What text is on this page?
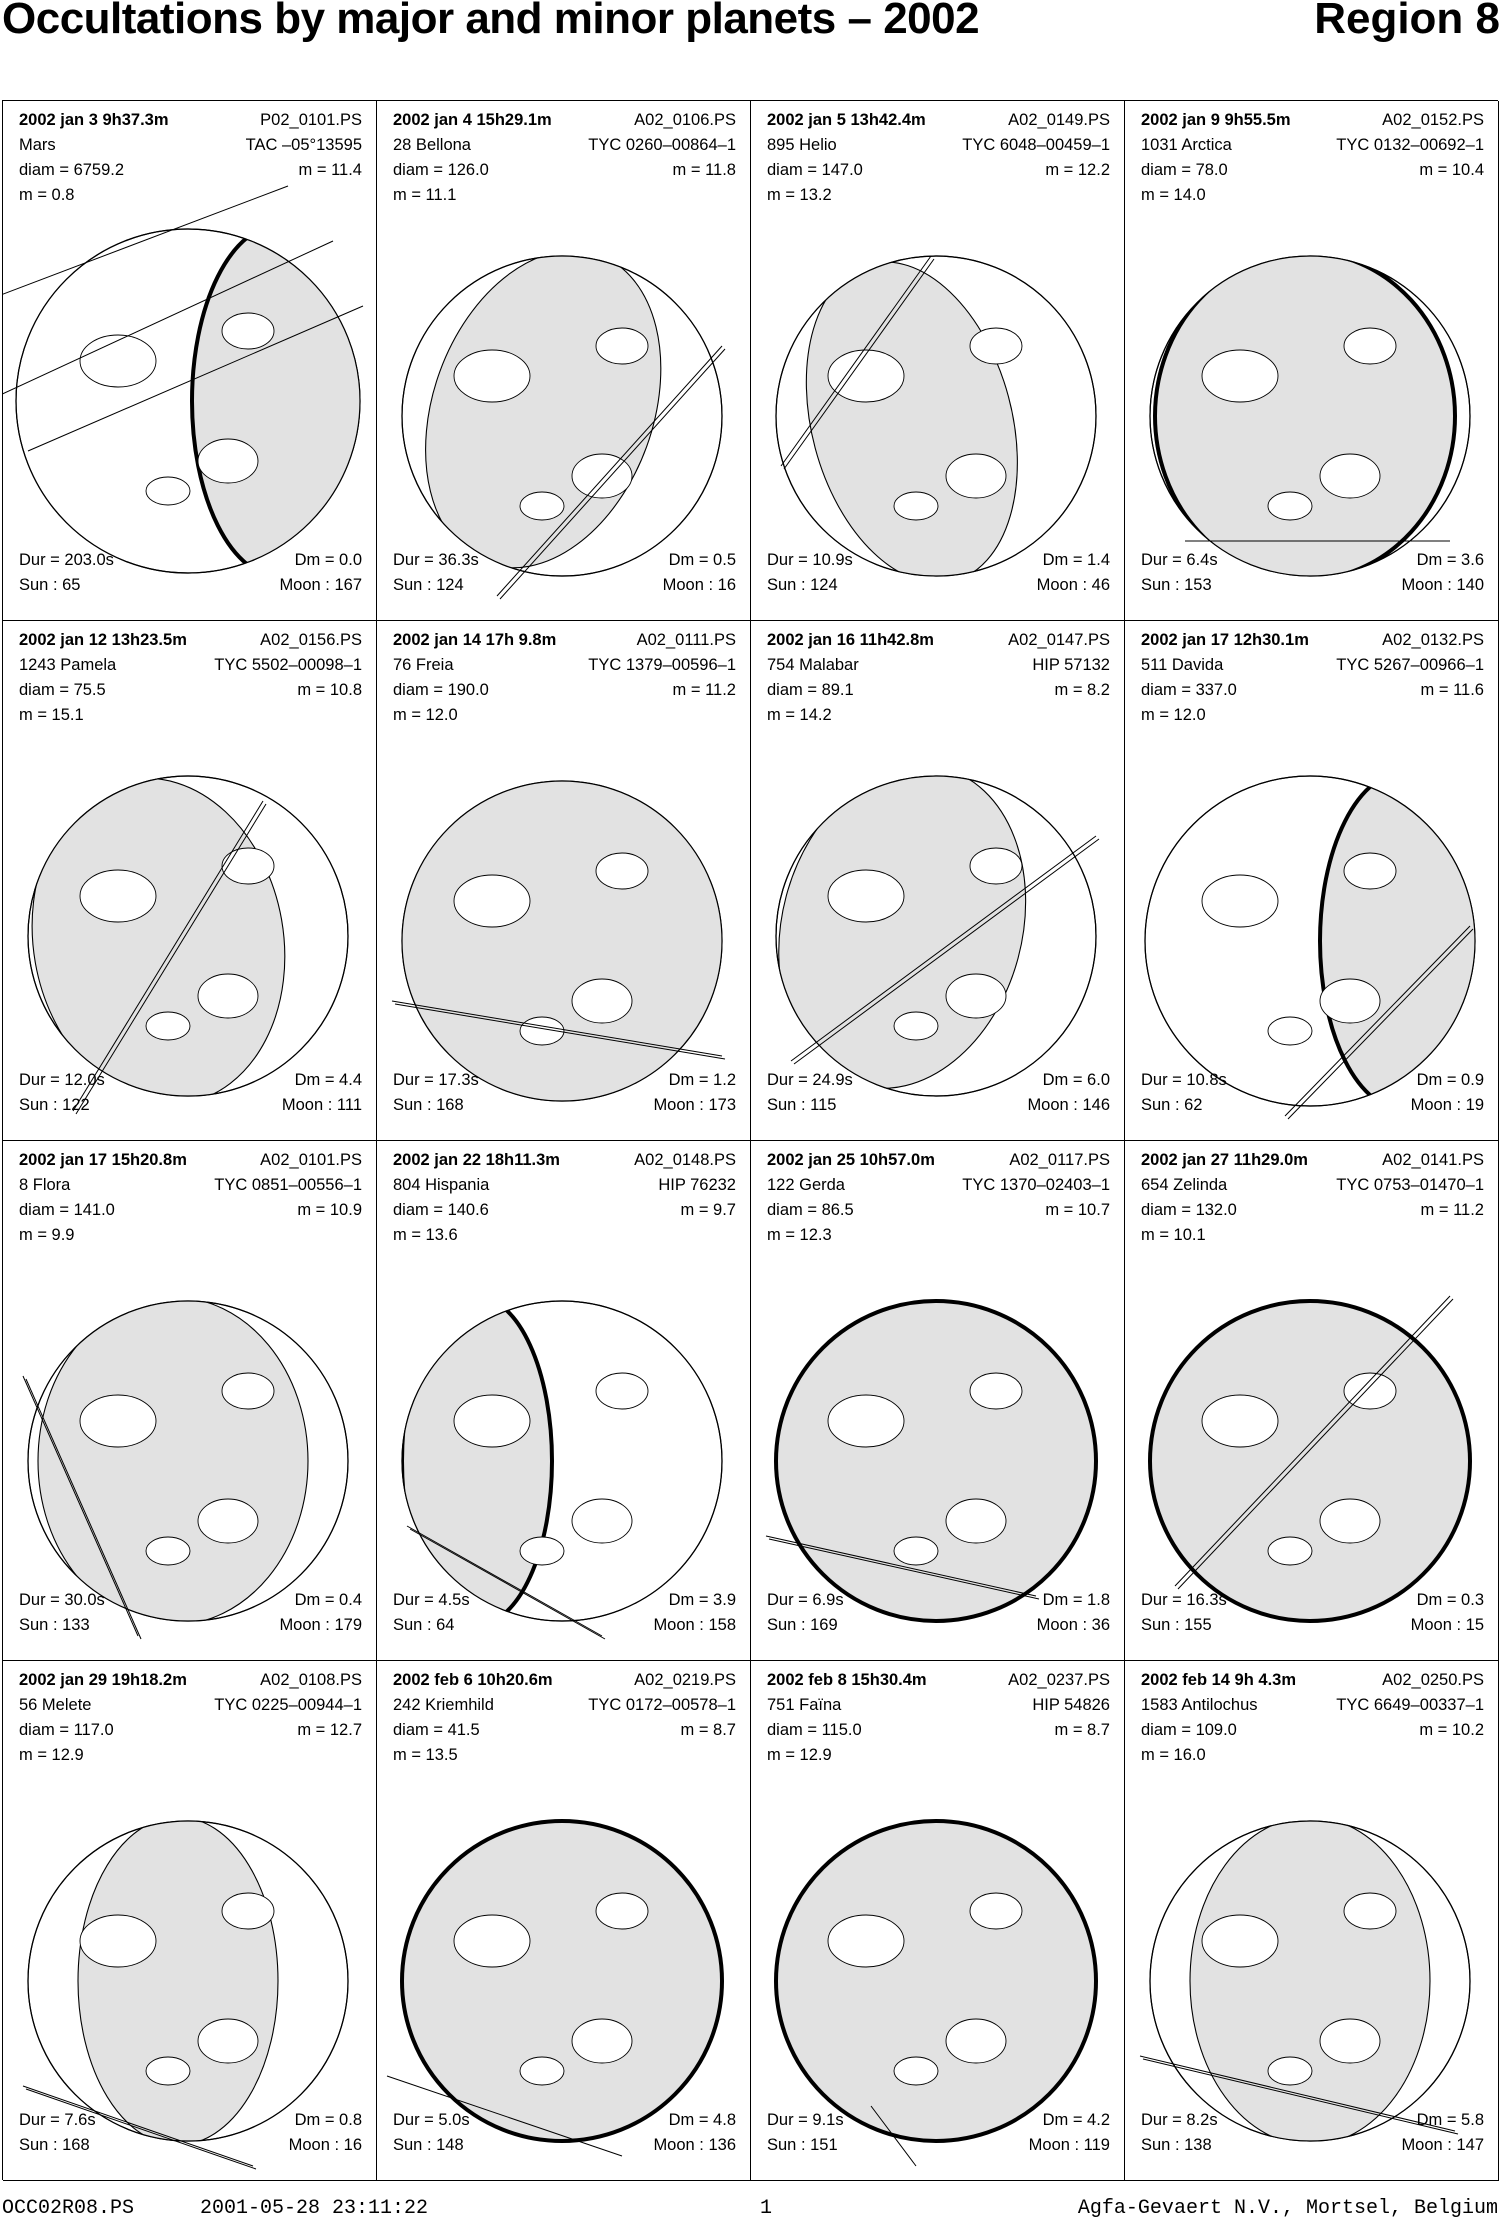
Occultations by major and minor planets – 2002	Region 8
2002 jan 3 9h37.3m	P02_0101.PS
Mars	TAC –05°13595
diam = 6759.2	m = 11.4
m = 0.8
Dur = 203.0s	Dm = 0.0
Sun : 65	Moon : 167
2002 jan 4 15h29.1m	A02_0106.PS
28 Bellona	TYC 0260–00864–1
diam = 126.0	m = 11.8
m = 11.1
Dur = 36.3s	Dm = 0.5
Sun : 124	Moon : 16
2002 jan 5 13h42.4m	A02_0149.PS
895 Helio	TYC 6048–00459–1
diam = 147.0	m = 12.2
m = 13.2
Dur = 10.9s	Dm = 1.4
Sun : 124	Moon : 46
2002 jan 9 9h55.5m	A02_0152.PS
1031 Arctica	TYC 0132–00692–1
diam = 78.0	m = 10.4
m = 14.0
Dur = 6.4s	Dm = 3.6
Sun : 153	Moon : 140
2002 jan 12 13h23.5m	A02_0156.PS
1243 Pamela	TYC 5502–00098–1
diam = 75.5	m = 10.8
m = 15.1
Dur = 12.0s	Dm = 4.4
Sun : 122	Moon : 111
2002 jan 14 17h 9.8m	A02_0111.PS
76 Freia	TYC 1379–00596–1
diam = 190.0	m = 11.2
m = 12.0
Dur = 17.3s	Dm = 1.2
Sun : 168	Moon : 173
2002 jan 16 11h42.8m	A02_0147.PS
754 Malabar	HIP 57132
diam = 89.1	m = 8.2
m = 14.2
Dur = 24.9s	Dm = 6.0
Sun : 115	Moon : 146
2002 jan 17 12h30.1m	A02_0132.PS
511 Davida	TYC 5267–00966–1
diam = 337.0	m = 11.6
m = 12.0
Dur = 10.8s	Dm = 0.9
Sun : 62	Moon : 19
2002 jan 17 15h20.8m	A02_0101.PS
8 Flora	TYC 0851–00556–1
diam = 141.0	m = 10.9
m = 9.9
Dur = 30.0s	Dm = 0.4
Sun : 133	Moon : 179
2002 jan 22 18h11.3m	A02_0148.PS
804 Hispania	HIP 76232
diam = 140.6	m = 9.7
m = 13.6
Dur = 4.5s	Dm = 3.9
Sun : 64	Moon : 158
2002 jan 25 10h57.0m	A02_0117.PS
122 Gerda	TYC 1370–02403–1
diam = 86.5	m = 10.7
m = 12.3
Dur = 6.9s	Dm = 1.8
Sun : 169	Moon : 36
2002 jan 27 11h29.0m	A02_0141.PS
654 Zelinda	TYC 0753–01470–1
diam = 132.0	m = 11.2
m = 10.1
Dur = 16.3s	Dm = 0.3
Sun : 155	Moon : 15
2002 jan 29 19h18.2m	A02_0108.PS
56 Melete	TYC 0225–00944–1
diam = 117.0	m = 12.7
m = 12.9
Dur = 7.6s	Dm = 0.8
Sun : 168	Moon : 16
2002 feb 6 10h20.6m	A02_0219.PS
242 Kriemhild	TYC 0172–00578–1
diam = 41.5	m = 8.7
m = 13.5
Dur = 5.0s	Dm = 4.8
Sun : 148	Moon : 136
2002 feb 8 15h30.4m	A02_0237.PS
751 Faïna	HIP 54826
diam = 115.0	m = 8.7
m = 12.9
Dur = 9.1s	Dm = 4.2
Sun : 151	Moon : 119
2002 feb 14 9h 4.3m	A02_0250.PS
1583 Antilochus	TYC 6649–00337–1
diam = 109.0	m = 10.2
m = 16.0
Dur = 8.2s	Dm = 5.8
Sun : 138	Moon : 147
OCC02R08.PS	2001-05-28 23:11:22	1	Agfa-Gevaert N.V., Mortsel, Belgium
